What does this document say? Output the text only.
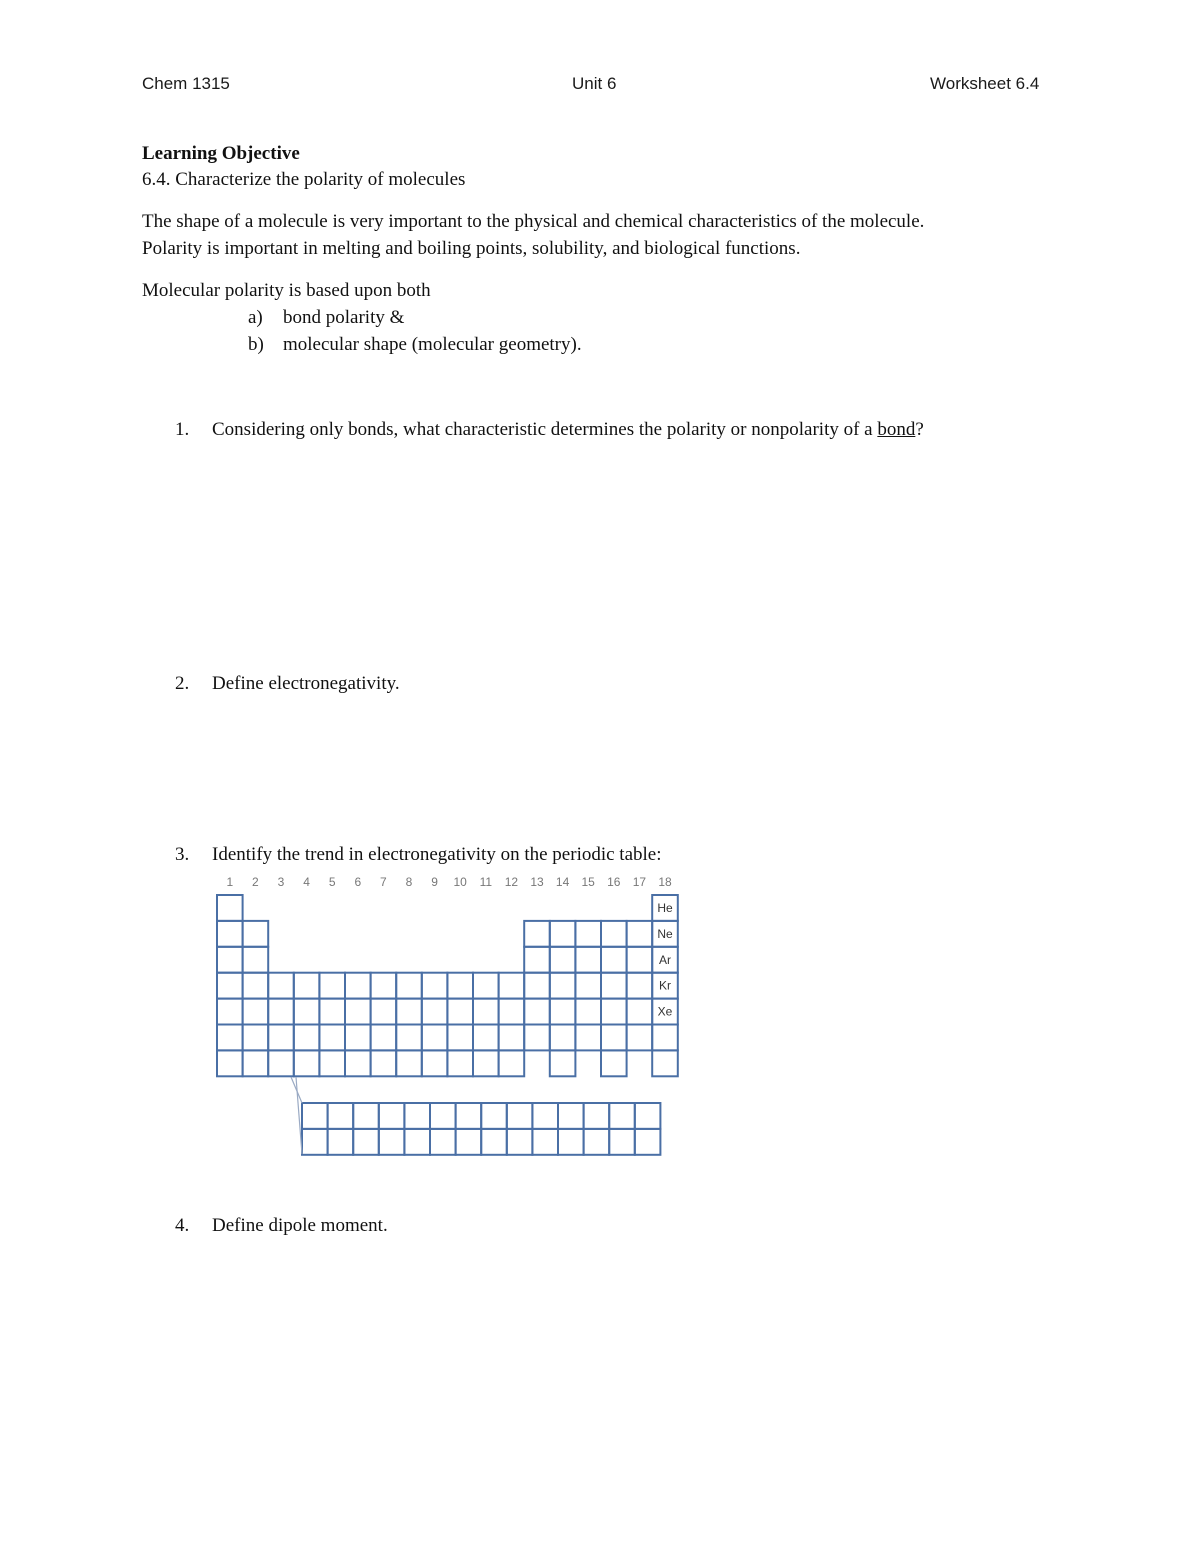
Chem 1315	Unit 6	Worksheet 6.4
Learning Objective
6.4. Characterize the polarity of molecules
The shape of a molecule is very important to the physical and chemical characteristics of the molecule.
Polarity is important in melting and boiling points, solubility, and biological functions.
Molecular polarity is based upon both
a) bond polarity &
b) molecular shape (molecular geometry).
1. Considering only bonds, what characteristic determines the polarity or nonpolarity of a bond?
2. Define electronegativity.
3. Identify the trend in electronegativity on the periodic table:
1	2	3	4	5	6	7	8	9	10	11	12	13	14	15	16	17	18
He
Ne
Ar
Kr
Xe
4. Define dipole moment.
